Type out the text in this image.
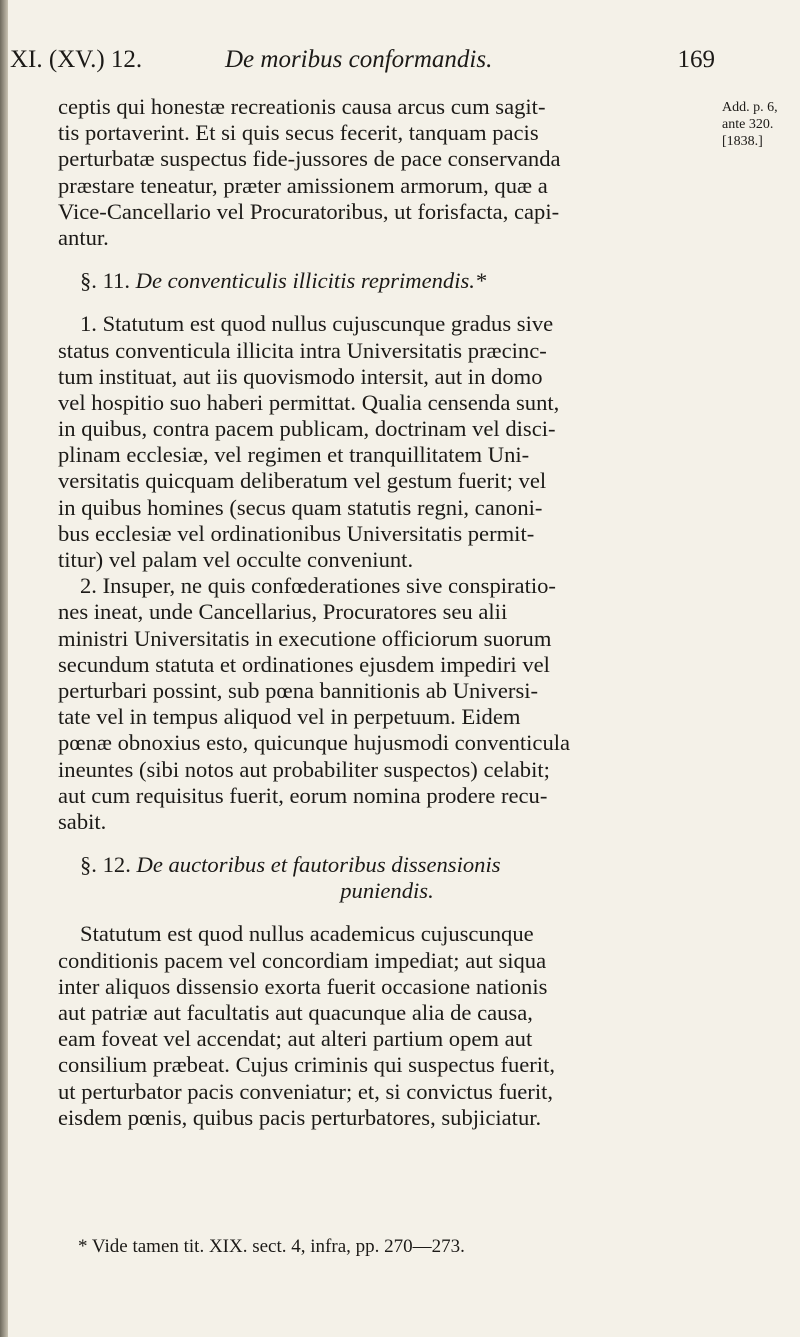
XI. (XV.) 12.	De moribus conformandis.	169
Add. p. 6,
ante 320.
[1838.]
ceptis qui honestæ recreationis causa arcus cum sagit-
tis portaverint. Et si quis secus fecerit, tanquam pacis
perturbatæ suspectus fide-jussores de pace conservanda
præstare teneatur, præter amissionem armorum, quæ a
Vice-Cancellario vel Procuratoribus, ut forisfacta, capi-
antur.
§. 11. De conventiculis illicitis reprimendis.*
1. Statutum est quod nullus cujuscunque gradus sive
status conventicula illicita intra Universitatis præcinc-
tum instituat, aut iis quovismodo intersit, aut in domo
vel hospitio suo haberi permittat. Qualia censenda sunt,
in quibus, contra pacem publicam, doctrinam vel disci-
plinam ecclesiæ, vel regimen et tranquillitatem Uni-
versitatis quicquam deliberatum vel gestum fuerit; vel
in quibus homines (secus quam statutis regni, canoni-
bus ecclesiæ vel ordinationibus Universitatis permit-
titur) vel palam vel occulte conveniunt.
2. Insuper, ne quis confœderationes sive conspiratio-
nes ineat, unde Cancellarius, Procuratores seu alii
ministri Universitatis in executione officiorum suorum
secundum statuta et ordinationes ejusdem impediri vel
perturbari possint, sub pœna bannitionis ab Universi-
tate vel in tempus aliquod vel in perpetuum. Eidem
pœnæ obnoxius esto, quicunque hujusmodi conventicula
ineuntes (sibi notos aut probabiliter suspectos) celabit;
aut cum requisitus fuerit, eorum nomina prodere recu-
sabit.
§. 12. De auctoribus et fautoribus dissensionis
puniendis.
Statutum est quod nullus academicus cujuscunque
conditionis pacem vel concordiam impediat; aut siqua
inter aliquos dissensio exorta fuerit occasione nationis
aut patriæ aut facultatis aut quacunque alia de causa,
eam foveat vel accendat; aut alteri partium opem aut
consilium præbeat. Cujus criminis qui suspectus fuerit,
ut perturbator pacis conveniatur; et, si convictus fuerit,
eisdem pœnis, quibus pacis perturbatores, subjiciatur.
* Vide tamen tit. XIX. sect. 4, infra, pp. 270—273.
